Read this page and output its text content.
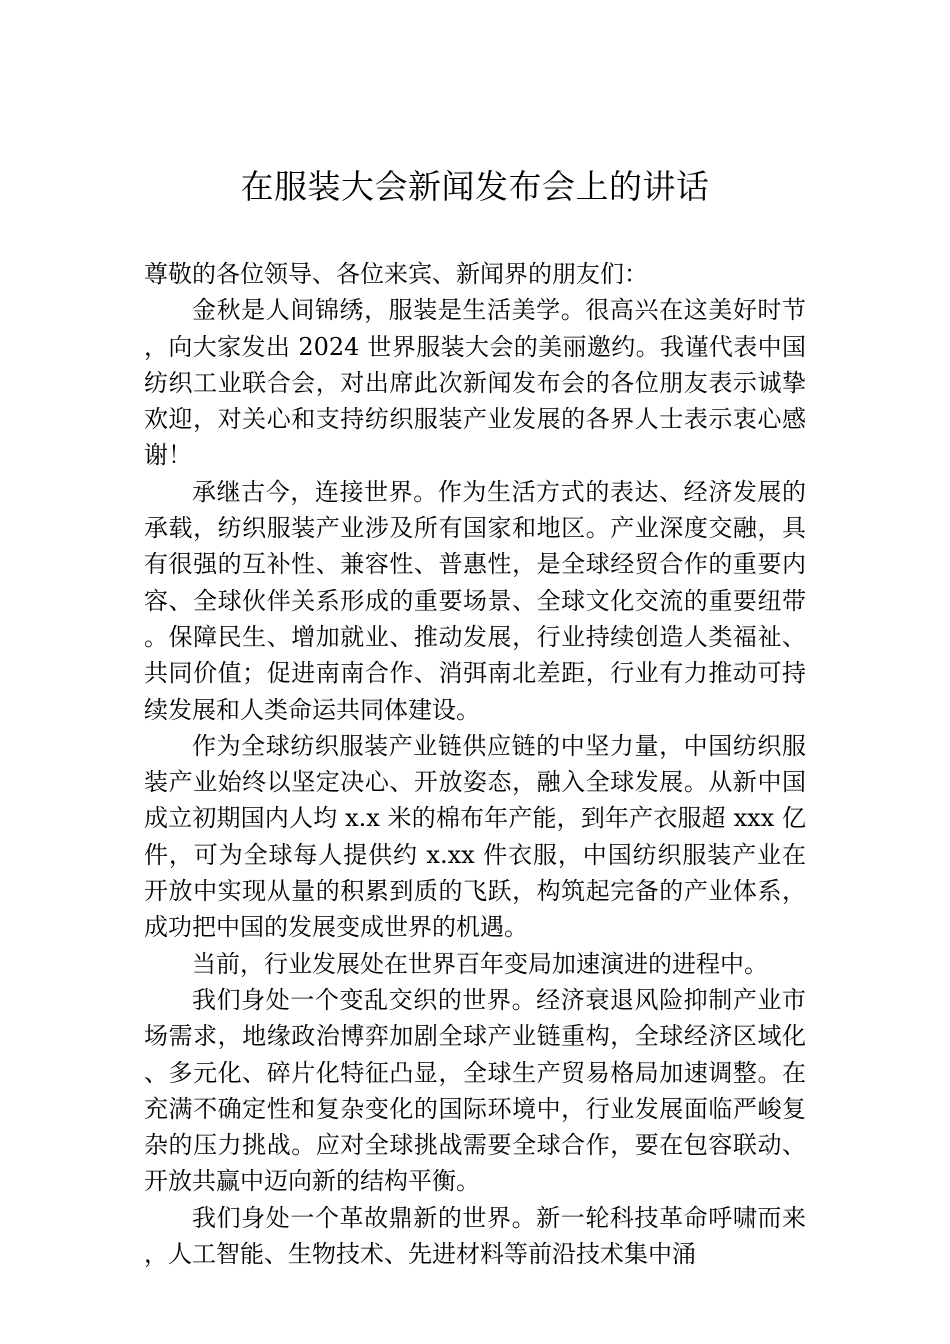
在服装大会新闻发布会上的讲话

尊敬的各位领导、各位来宾、新闻界的朋友们：

金秋是人间锦绣，服装是生活美学。很高兴在这美好时节，向大家发出 2024 世界服装大会的美丽邀约。我谨代表中国纺织工业联合会，对出席此次新闻发布会的各位朋友表示诚挚欢迎，对关心和支持纺织服装产业发展的各界人士表示衷心感谢！

承继古今，连接世界。作为生活方式的表达、经济发展的承载，纺织服装产业涉及所有国家和地区。产业深度交融，具有很强的互补性、兼容性、普惠性，是全球经贸合作的重要内容、全球伙伴关系形成的重要场景、全球文化交流的重要纽带。保障民生、增加就业、推动发展，行业持续创造人类福祉、共同价值；促进南南合作、消弭南北差距，行业有力推动可持续发展和人类命运共同体建设。

作为全球纺织服装产业链供应链的中坚力量，中国纺织服装产业始终以坚定决心、开放姿态，融入全球发展。从新中国成立初期国内人均 x.x 米的棉布年产能，到年产衣服超 xxx 亿件，可为全球每人提供约 x.xx 件衣服，中国纺织服装产业在开放中实现从量的积累到质的飞跃，构筑起完备的产业体系，成功把中国的发展变成世界的机遇。

当前，行业发展处在世界百年变局加速演进的进程中。

我们身处一个变乱交织的世界。经济衰退风险抑制产业市场需求，地缘政治博弈加剧全球产业链重构，全球经济区域化、多元化、碎片化特征凸显，全球生产贸易格局加速调整。在充满不确定性和复杂变化的国际环境中，行业发展面临严峻复杂的压力挑战。应对全球挑战需要全球合作，要在包容联动、开放共赢中迈向新的结构平衡。

我们身处一个革故鼎新的世界。新一轮科技革命呼啸而来，人工智能、生物技术、先进材料等前沿技术集中涌
